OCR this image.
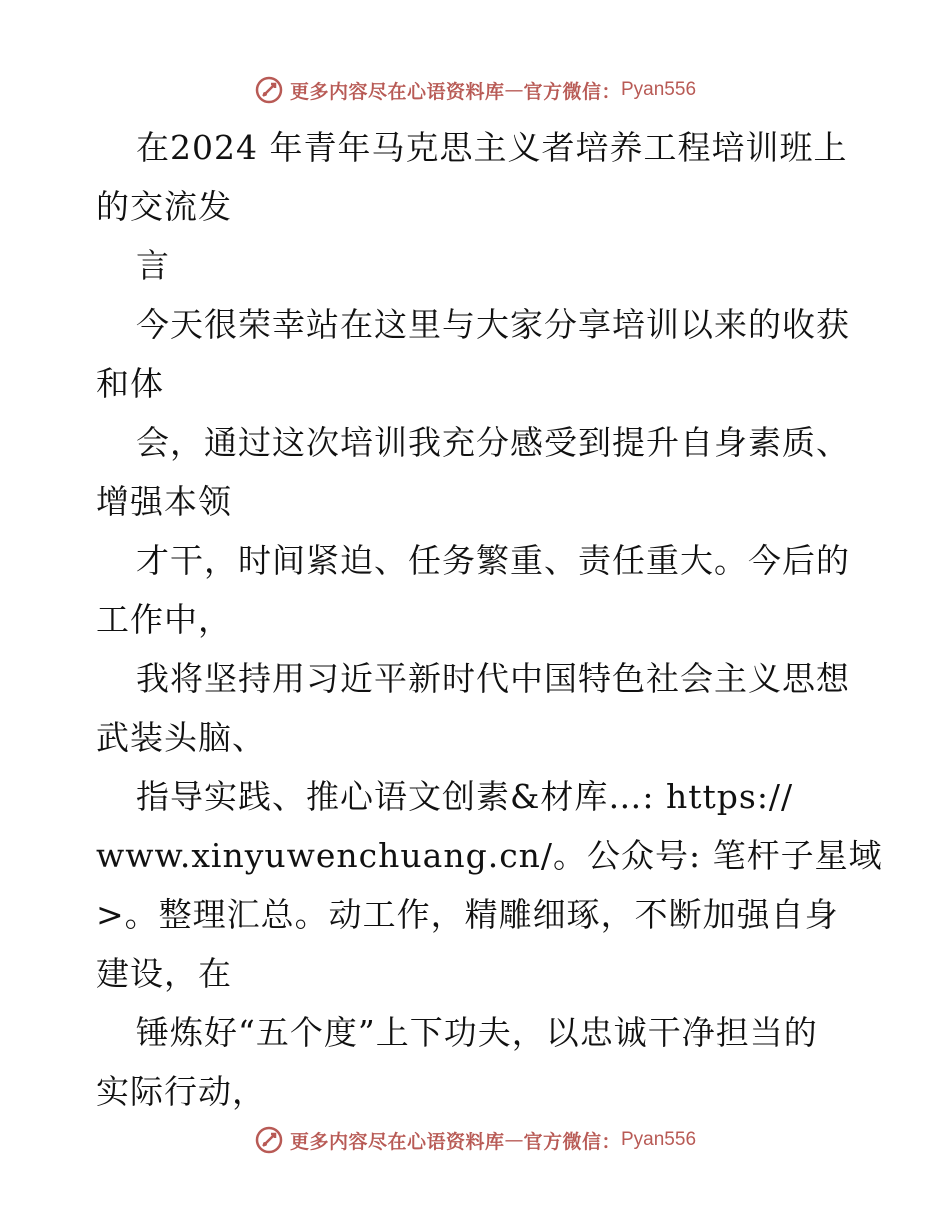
更多内容尽在心语资料库 — 官方微信： Pyan556
在2024 年青年马克思主义者培养工程培训班上
的交流发
言
今天很荣幸站在这里与大家分享培训以来的收获
和体
会，通过这次培训我充分感受到提升自身素质、
增强本领
才干，时间紧迫、任务繁重、责任重大。今后的
工作中，
我将坚持用习近平新时代中国特色社会主义思想
武装头脑、
指导实践、推心语文创素&材库…: https://
www.xinyuwenchuang.cn/。公众号: 笔杆子星域
>。整理汇总。动工作，精雕细琢，不断加强自身
建设，在
锤炼好“五个度”上下功夫，以忠诚干净担当的
实际行动，
更多内容尽在心语资料库 — 官方微信： Pyan556
